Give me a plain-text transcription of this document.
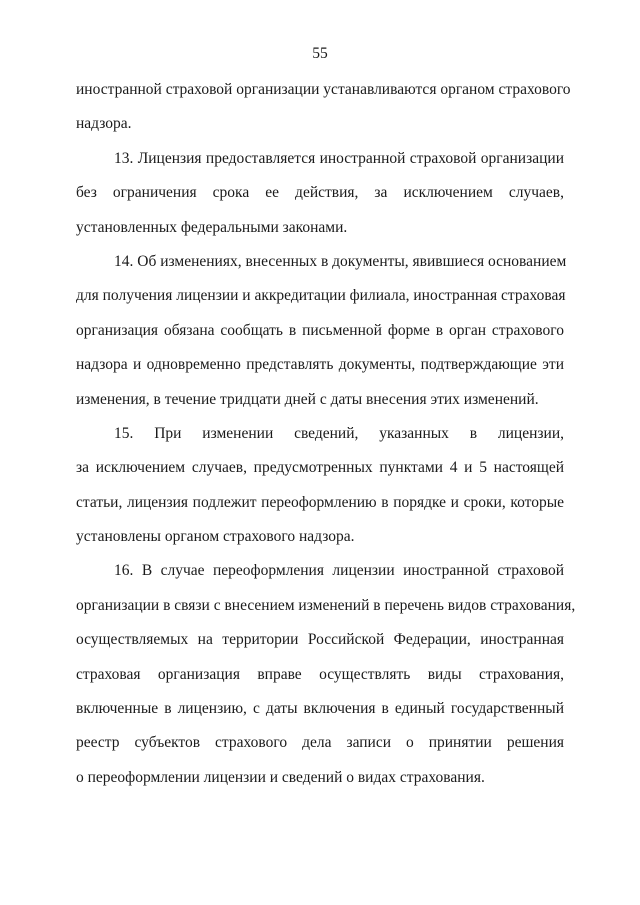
55
иностранной страховой организации устанавливаются органом страхового
надзора.
13. Лицензия предоставляется иностранной страховой организации
без ограничения срока ее действия, за исключением случаев,
установленных федеральными законами.
14. Об изменениях, внесенных в документы, явившиеся основанием
для получения лицензии и аккредитации филиала, иностранная страховая
организация обязана сообщать в письменной форме в орган страхового
надзора и одновременно представлять документы, подтверждающие эти
изменения, в течение тридцати дней с даты внесения этих изменений.
15. При изменении сведений, указанных в лицензии,
за исключением случаев, предусмотренных пунктами 4 и 5 настоящей
статьи, лицензия подлежит переоформлению в порядке и сроки, которые
установлены органом страхового надзора.
16. В случае переоформления лицензии иностранной страховой
организации в связи с внесением изменений в перечень видов страхования,
осуществляемых на территории Российской Федерации, иностранная
страховая организация вправе осуществлять виды страхования,
включенные в лицензию, с даты включения в единый государственный
реестр субъектов страхового дела записи о принятии решения
о переоформлении лицензии и сведений о видах страхования.
